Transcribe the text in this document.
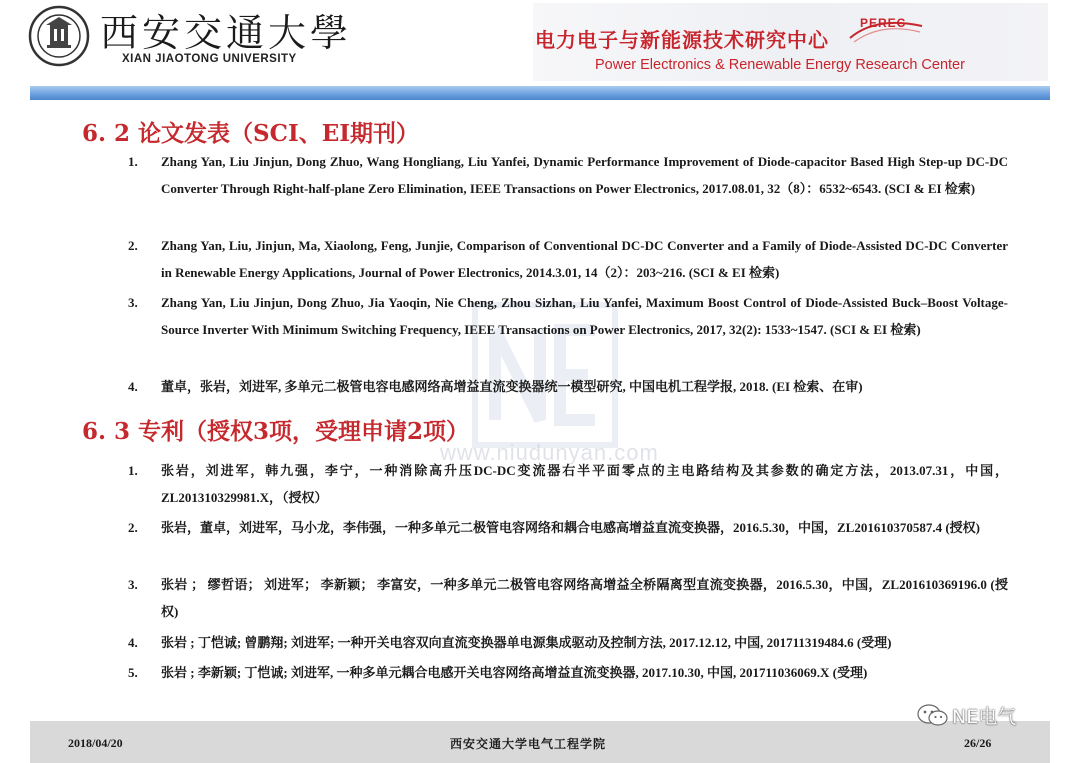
西安交通大學
XIAN JIAOTONG UNIVERSITY
电力电子与新能源技术研究中心
PEREC
Power Electronics & Renewable Energy Research Center
www.niudunyan.com
6. 2 论文发表（SCI、EI期刊）
1.	Zhang Yan, Liu Jinjun, Dong Zhuo, Wang Hongliang, Liu Yanfei, Dynamic Performance Improvement of Diode-capacitor Based High Step-up DC-DC Converter Through Right-half-plane Zero Elimination, IEEE Transactions on Power Electronics, 2017.08.01, 32（8）：6532~6543. (SCI & EI 检索)
2.	Zhang Yan, Liu, Jinjun, Ma, Xiaolong, Feng, Junjie, Comparison of Conventional DC-DC Converter and a Family of Diode-Assisted DC-DC Converter in Renewable Energy Applications, Journal of Power Electronics, 2014.3.01, 14（2）：203~216. (SCI & EI 检索)
3.	Zhang Yan, Liu Jinjun, Dong Zhuo, Jia Yaoqin, Nie Cheng, Zhou Sizhan, Liu Yanfei, Maximum Boost Control of Diode-Assisted Buck–Boost Voltage-Source Inverter With Minimum Switching Frequency, IEEE Transactions on Power Electronics, 2017, 32(2): 1533~1547. (SCI & EI 检索)
4.	董卓，张岩，刘进军, 多单元二极管电容电感网络高增益直流变换器统一模型研究, 中国电机工程学报, 2018. (EI 检索、在审)
6. 3 专利（授权3项，受理申请2项）
1.	张岩，刘进军，韩九强，李宁，一种消除高升压DC-DC变流器右半平面零点的主电路结构及其参数的确定方法，2013.07.31，中国，ZL201310329981.X，（授权）
2.	张岩，董卓，刘进军，马小龙，李伟强，一种多单元二极管电容网络和耦合电感高增益直流变换器，2016.5.30，中国，ZL201610370587.4 (授权)
3.	张岩 ； 缪哲语； 刘进军； 李新颖； 李富安，一种多单元二极管电容网络高增益全桥隔离型直流变换器，2016.5.30，中国，ZL201610369196.0 (授权)
4.	张岩 ; 丁恺诚; 曾鹏翔; 刘进军; 一种开关电容双向直流变换器单电源集成驱动及控制方法, 2017.12.12, 中国, 201711319484.6 (受理)
5.	张岩 ; 李新颖; 丁恺诚; 刘进军, 一种多单元耦合电感开关电容网络高增益直流变换器, 2017.10.30, 中国, 201711036069.X (受理)
2018/04/20	西安交通大学电气工程学院	26/26
NE电气
